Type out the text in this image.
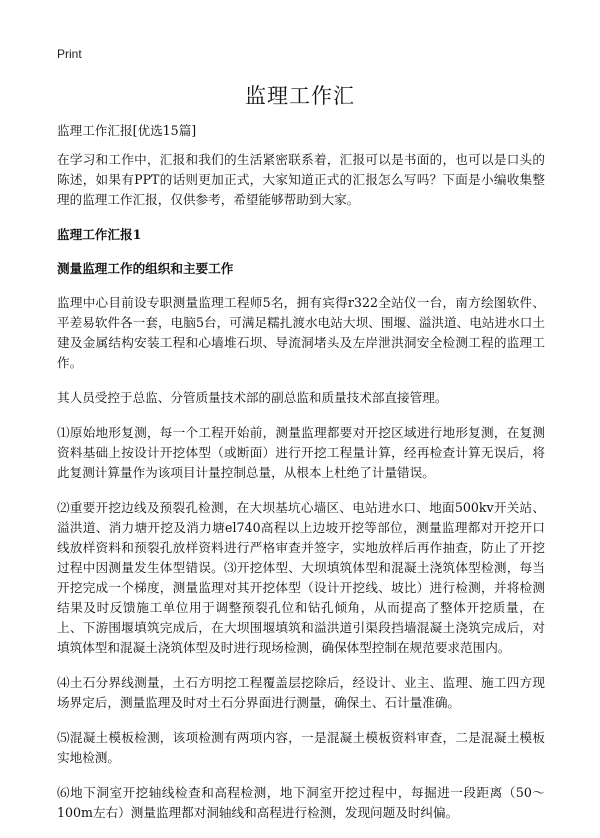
Print
监理工作汇

监理工作汇报[优选15篇]

在学习和工作中，汇报和我们的生活紧密联系着，汇报可以是书面的，也可以是口头的陈述，如果有PPT的话则更加正式，大家知道正式的汇报怎么写吗？下面是小编收集整理的监理工作汇报，仅供参考，希望能够帮助到大家。

监理工作汇报1

测量监理工作的组织和主要工作

监理中心目前设专职测量监理工程师5名，拥有宾得r322全站仪一台，南方绘图软件、平差易软件各一套，电脑5台，可满足糯扎渡水电站大坝、围堰、溢洪道、电站进水口土建及金属结构安装工程和心墙堆石坝、导流洞堵头及左岸泄洪洞安全检测工程的监理工作。

其人员受控于总监、分管质量技术部的副总监和质量技术部直接管理。

⑴原始地形复测，每一个工程开始前，测量监理都要对开挖区域进行地形复测，在复测资料基础上按设计开挖体型（或断面）进行开挖工程量计算，经再检查计算无误后，将此复测计算量作为该项目计量控制总量，从根本上杜绝了计量错误。

⑵重要开挖边线及预裂孔检测，在大坝基坑心墙区、电站进水口、地面500kv开关站、溢洪道、消力塘开挖及消力塘el740高程以上边坡开挖等部位，测量监理都对开挖开口线放样资料和预裂孔放样资料进行严格审查并签字，实地放样后再作抽查，防止了开挖过程中因测量发生体型错误。⑶开挖体型、大坝填筑体型和混凝土浇筑体型检测，每当开挖完成一个梯度，测量监理对其开挖体型（设计开挖线、坡比）进行检测，并将检测结果及时反馈施工单位用于调整预裂孔位和钻孔倾角，从而提高了整体开挖质量，在上、下游围堰填筑完成后，在大坝围堰填筑和溢洪道引渠段挡墙混凝土浇筑完成后，对填筑体型和混凝土浇筑体型及时进行现场检测，确保体型控制在规范要求范围内。

⑷土石分界线测量，土石方明挖工程覆盖层挖除后，经设计、业主、监理、施工四方现场界定后，测量监理及时对土石分界面进行测量，确保土、石计量准确。

⑸混凝土模板检测，该项检测有两项内容，一是混凝土模板资料审查，二是混凝土模板实地检测。

⑹地下洞室开挖轴线检查和高程检测，地下洞室开挖过程中，每掘进一段距离（50～100m左右）测量监理都对洞轴线和高程进行检测，发现问题及时纠偏。
